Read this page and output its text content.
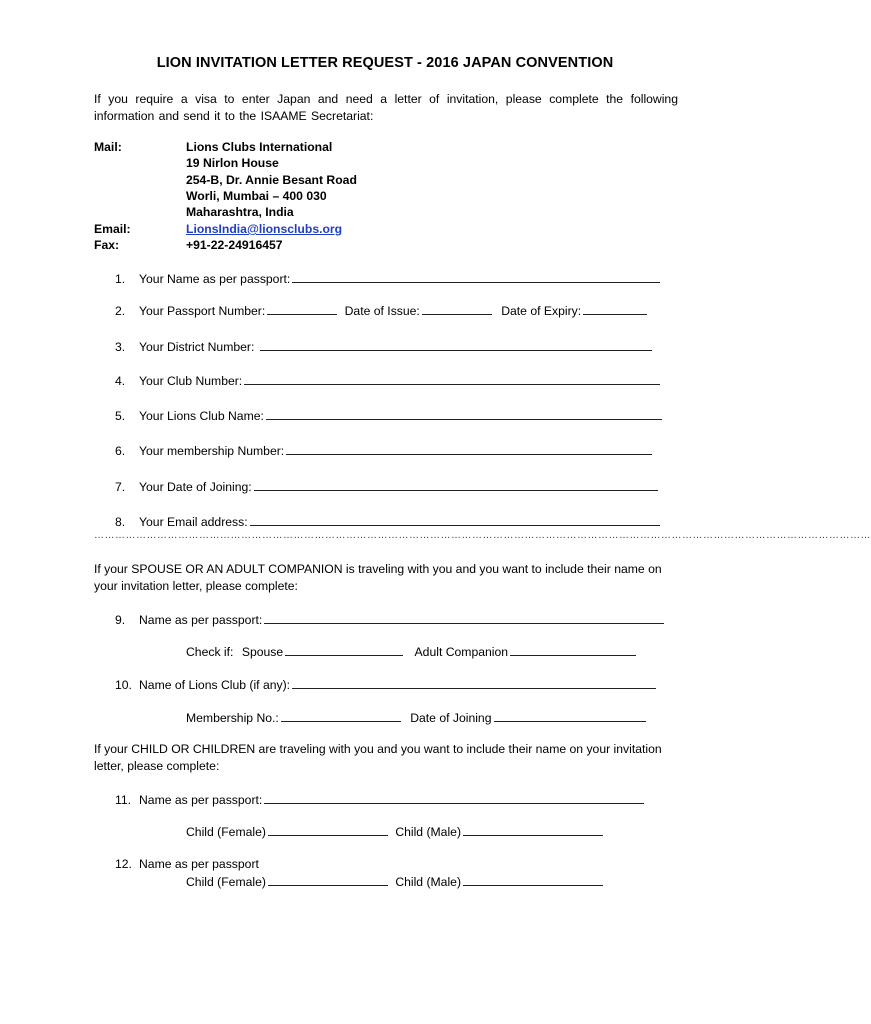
LION INVITATION LETTER REQUEST - 2016 JAPAN CONVENTION
If you require a visa to enter Japan and need a letter of invitation, please complete the following information and send it to the ISAAME Secretariat:
Mail:	Lions Clubs International
19 Nirlon House
254-B, Dr. Annie Besant Road
Worli, Mumbai – 400 030
Maharashtra, India
Email:	LionsIndia@lionsclubs.org
Fax:	+91-22-24916457
1. Your Name as per passport:
2. Your Passport Number:	Date of Issue:	Date of Expiry:
3. Your District Number:
4. Your Club Number:
5. Your Lions Club Name:
6. Your membership Number:
7. Your Date of Joining:
8. Your Email address:
……………………………………………………………………………………………………………………………………………………………………………………………………
If your SPOUSE OR AN ADULT COMPANION is traveling with you and you want to include their name on your invitation letter, please complete:
9. Name as per passport:
Check if: Spouse	Adult Companion
10. Name of Lions Club (if any):
Membership No.:	Date of Joining
If your CHILD OR CHILDREN are traveling with you and you want to include their name on your invitation letter, please complete:
11. Name as per passport:
Child (Female)	Child (Male)
12. Name as per passport
Child (Female)	Child (Male)
